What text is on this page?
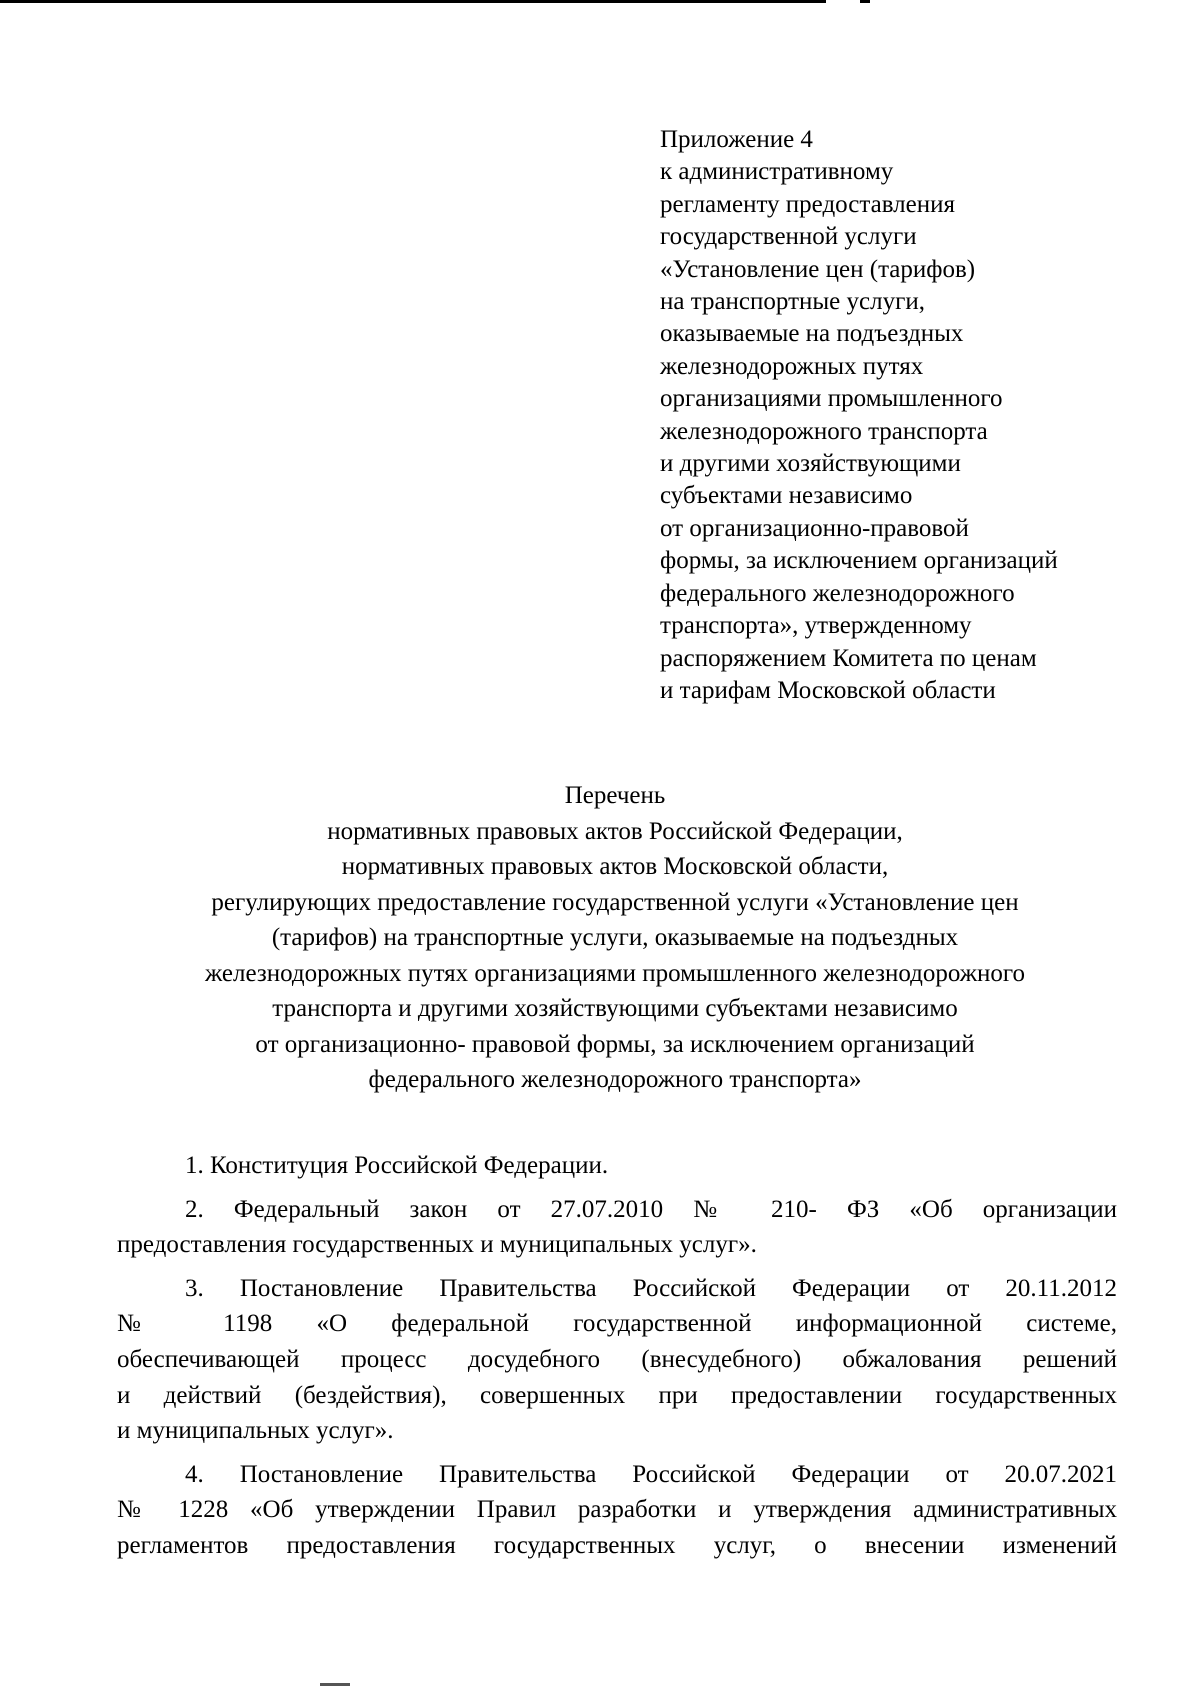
Приложение 4
к административному
регламенту предоставления
государственной услуги
«Установление цен (тарифов)
на транспортные услуги,
оказываемые на подъездных
железнодорожных путях
организациями промышленного
железнодорожного транспорта
и другими хозяйствующими
субъектами независимо
от организационно-правовой
формы, за исключением организаций
федерального железнодорожного
транспорта», утвержденному
распоряжением Комитета по ценам
и тарифам Московской области
Перечень
нормативных правовых актов Российской Федерации,
нормативных правовых актов Московской области,
регулирующих предоставление государственной услуги «Установление цен
(тарифов) на транспортные услуги, оказываемые на подъездных
железнодорожных путях организациями промышленного железнодорожного
транспорта и другими хозяйствующими субъектами независимо
от организационно- правовой формы, за исключением организаций
федерального железнодорожного транспорта»
1. Конституция Российской Федерации.
2. Федеральный закон от 27.07.2010 № 210- ФЗ «Об организации
предоставления государственных и муниципальных услуг».
3. Постановление Правительства Российской Федерации от 20.11.2012
№ 1198 «О федеральной государственной информационной системе,
обеспечивающей процесс досудебного (внесудебного) обжалования решений
и действий (бездействия), совершенных при предоставлении государственных
и муниципальных услуг».
4. Постановление Правительства Российской Федерации от 20.07.2021
№ 1228 «Об утверждении Правил разработки и утверждения административных
регламентов предоставления государственных услуг, о внесении изменений
